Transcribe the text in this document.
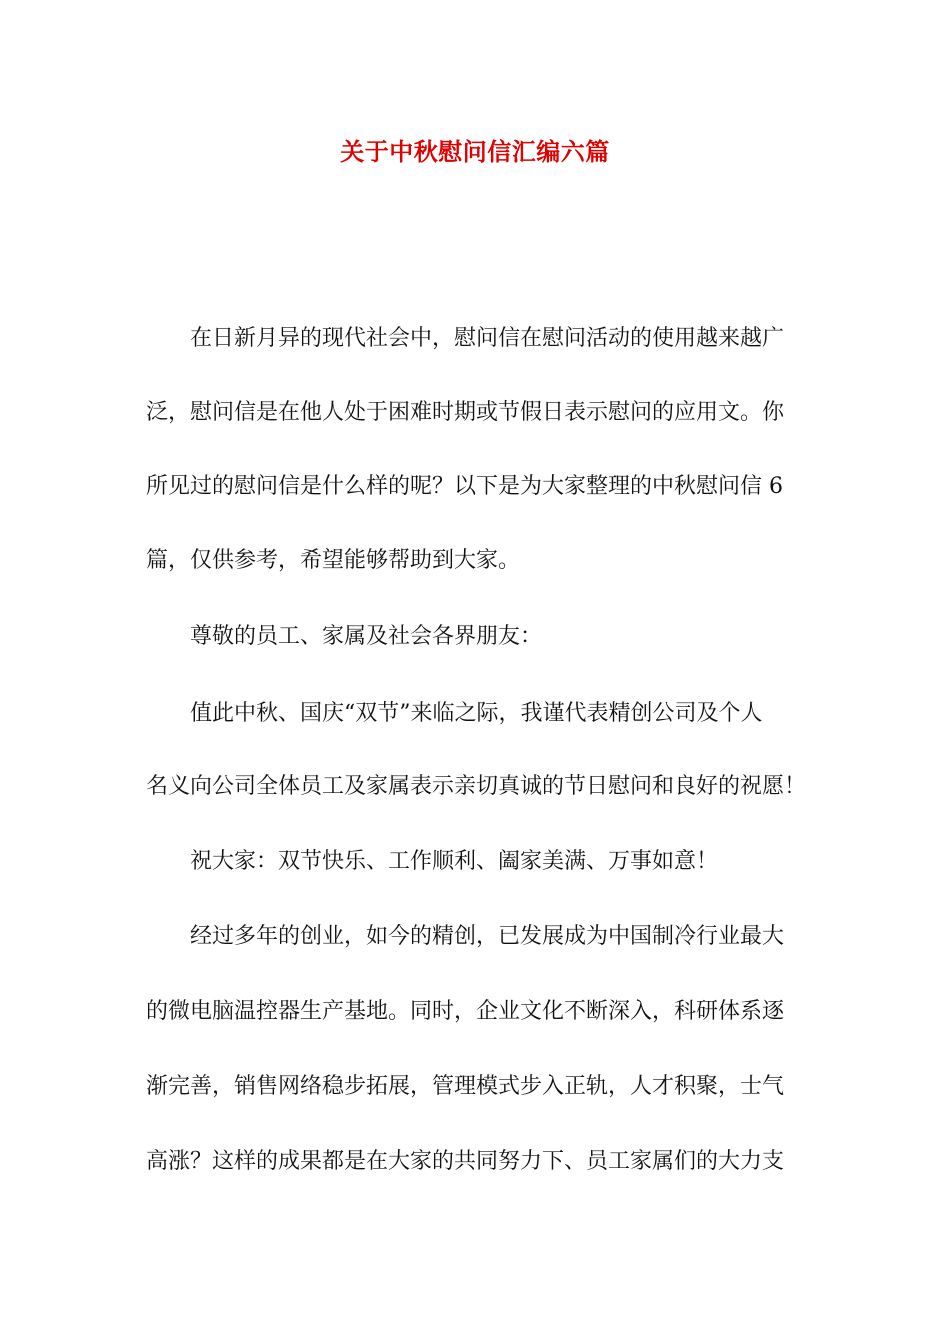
关于中秋慰问信汇编六篇
在日新月异的现代社会中，慰问信在慰问活动的使用越来越广
泛，慰问信是在他人处于困难时期或节假日表示慰问的应用文。你
所见过的慰问信是什么样的呢？以下是为大家整理的中秋慰问信 6
篇，仅供参考，希望能够帮助到大家。
尊敬的员工、家属及社会各界朋友：
值此中秋、国庆“双节”来临之际，我谨代表精创公司及个人
名义向公司全体员工及家属表示亲切真诚的节日慰问和良好的祝愿！
祝大家：双节快乐、工作顺利、阖家美满、万事如意！
经过多年的创业，如今的精创，已发展成为中国制冷行业最大
的微电脑温控器生产基地。同时，企业文化不断深入，科研体系逐
渐完善，销售网络稳步拓展，管理模式步入正轨，人才积聚，士气
高涨？这样的成果都是在大家的共同努力下、员工家属们的大力支
